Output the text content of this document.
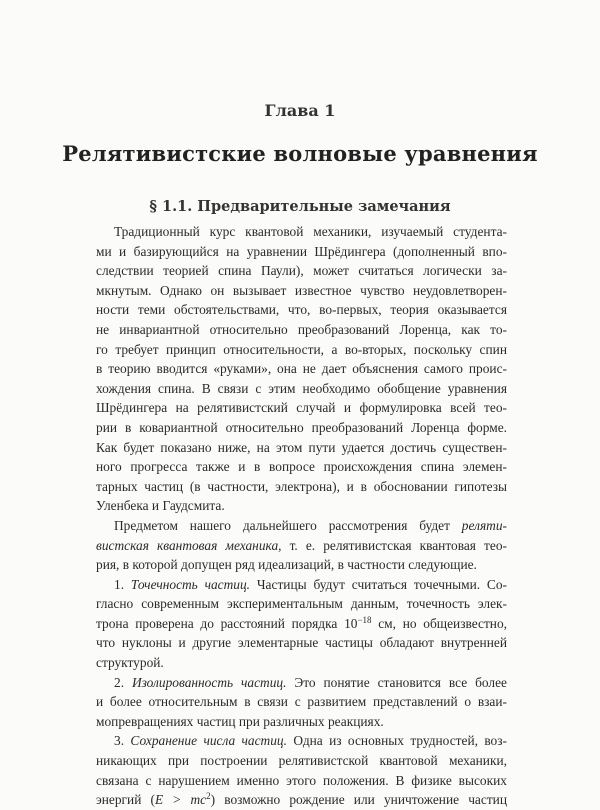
Глава 1
Релятивистские волновые уравнения
§ 1.1. Предварительные замечания
Традиционный курс квантовой механики, изучаемый студента-
ми и базирующийся на уравнении Шрёдингера (дополненный впо-
следствии теорией спина Паули), может считаться логически за-
мкнутым. Однако он вызывает известное чувство неудовлетворен-
ности теми обстоятельствами, что, во-первых, теория оказывается
не инвариантной относительно преобразований Лоренца, как то-
го требует принцип относительности, а во-вторых, поскольку спин
в теорию вводится «руками», она не дает объяснения самого проис-
хождения спина. В связи с этим необходимо обобщение уравнения
Шрёдингера на релятивистский случай и формулировка всей тео-
рии в ковариантной относительно преобразований Лоренца форме.
Как будет показано ниже, на этом пути удается достичь существен-
ного прогресса также и в вопросе происхождения спина элемен-
тарных частиц (в частности, электрона), и в обосновании гипотезы
Уленбека и Гаудсмита.
Предметом нашего дальнейшего рассмотрения будет реляти-
вистская квантовая механика, т. е. релятивистская квантовая тео-
рия, в которой допущен ряд идеализаций, в частности следующие.
1. Точечность частиц. Частицы будут считаться точечными. Со-
гласно современным экспериментальным данным, точечность элек-
трона проверена до расстояний порядка $10^{-18}$ см, но общеизвестно,
что нуклоны и другие элементарные частицы обладают внутренней
структурой.
2. Изолированность частиц. Это понятие становится все более
и более относительным в связи с развитием представлений о взаи-
мопревращениях частиц при различных реакциях.
3. Сохранение числа частиц. Одна из основных трудностей, воз-
никающих при построении релятивистской квантовой механики,
связана с нарушением именно этого положения. В физике высоких
энергий $(E > mc^2)$ возможно рождение или уничтожение частиц
